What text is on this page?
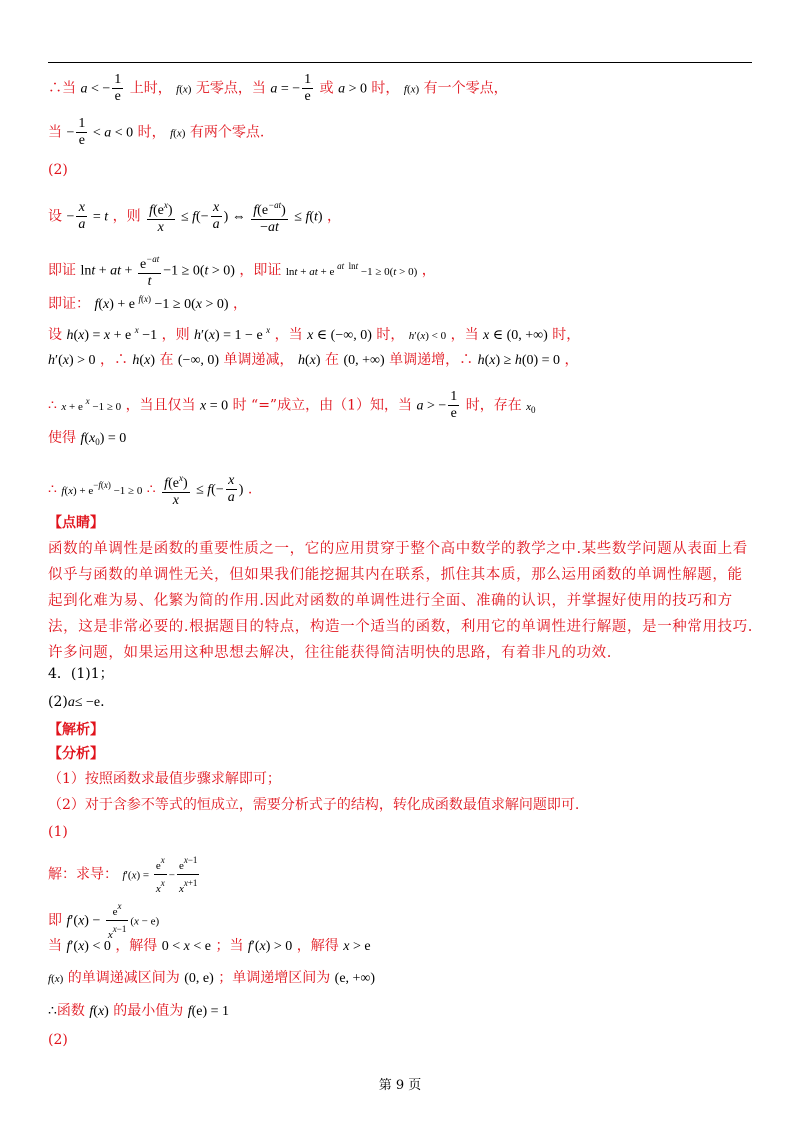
∴当 a < − $\frac{1}{e}$ 上时， f(x) 无零点，当 a = − $\frac{1}{e}$ 或 a > 0 时， f(x) 有一个零点，
当 − $\frac{1}{e} < a < 0$ 时， f(x) 有两个零点.
(2)
设 − $\frac{x}{a} = t$ ，则 $\frac{f(e^x)}{x} \le f(- \frac{x}{a}$ ) ⇔ $\frac{f(e^{-at})}{-at} \le f(t)$ ，
即证 lnt + at + $\frac{e^{-at}}{t} -1 \ge 0(t > 0)$ ，即证 lnt + at + e $^{at lnt}$ −1 ≥ 0(t > 0) ，
即证： f(x) + e $^{f(x)}$ −1 ≥ 0(x > 0) ，
设 h(x) = x + e $^x$ −1 ，则 h′(x) = 1 − e $^x$ ，当 x ∈ (−∞, 0) 时， h′(x) < 0 ，当 x ∈ (0, +∞) 时，
h′(x) > 0 ，∴ h(x) 在 (−∞, 0) 单调递减， h(x) 在 (0, +∞) 单调递增，∴ h(x) ≥ h(0) = 0 ，
∴ x + e $^x$ −1 ≥ 0 ，当且仅当 x = 0 时 “=”成立，由（1）知，当 a > − $\frac{1}{e}$ 时，存在 $x_0$
使得 $f(x_0) = 0$
∴ $f(x) + e^{-f(x)} -1 \ge 0$ ∴ $\frac{f(e^x)}{x} \le f(- \frac{x}{a}$ ) .
【点睛】
函数的单调性是函数的重要性质之一，它的应用贯穿于整个高中数学的教学之中.某些数学问题从表面上看似乎与函数的单调性无关，但如果我们能挖掘其内在联系，抓住其本质，那么运用函数的单调性解题，能起到化难为易、化繁为简的作用.因此对函数的单调性进行全面、准确的认识，并掌握好使用的技巧和方法，这是非常必要的.根据题目的特点，构造一个适当的函数，利用它的单调性进行解题，是一种常用技巧.许多问题，如果运用这种思想去解决，往往能获得简洁明快的思路，有着非凡的功效.
4．(1)1；
(2)a≤ −e.
【解析】
【分析】
（1）按照函数求最值步骤求解即可；
（2）对于含参不等式的恒成立，需要分析式子的结构，转化成函数最值求解问题即可.
(1)
解：求导： $f'(x) = \frac{e^x}{x^x} - \frac{e^{x-1}}{x^{x+1}}$
即 $f'(x) - \frac{e^x}{x^{x-1}} (x - e)$
当 f′(x) < 0 ，解得 0 < x < e ；当 f′(x) > 0 ，解得 x > e
f(x) 的单调递减区间为 (0, e) ；单调递增区间为 (e, +∞)
∴函数 f(x) 的最小值为 f(e) = 1
(2)
第 9 页
